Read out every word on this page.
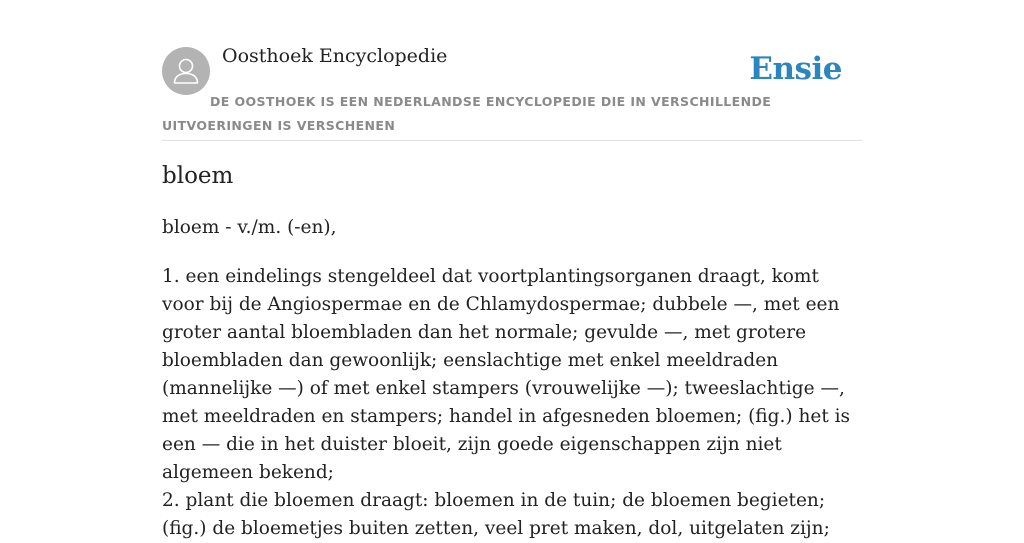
Oosthoek Encyclopedie	Ensie
DE OOSTHOEK IS EEN NEDERLANDSE ENCYCLOPEDIE DIE IN VERSCHILLENDE UITVOERINGEN IS VERSCHENEN
bloem
bloem - v./m. (-en),

1. een eindelings stengeldeel dat voortplantingsorganen draagt, komt voor bij de Angiospermae en de Chlamydospermae; dubbele —, met een groter aantal bloembladen dan het normale; gevulde —, met grotere bloembladen dan gewoonlijk; eenslachtige met enkel meeldraden (mannelijke —) of met enkel stampers (vrouwelijke —); tweeslachtige —, met meeldraden en stampers; handel in afgesneden bloemen; (fig.) het is een — die in het duister bloeit, zijn goede eigenschappen zijn niet algemeen bekend;

2. plant die bloemen draagt: bloemen in de tuin; de bloemen begieten; (fig.) de bloemetjes buiten zetten, veel pret maken, dol, uitgelaten zijn;
